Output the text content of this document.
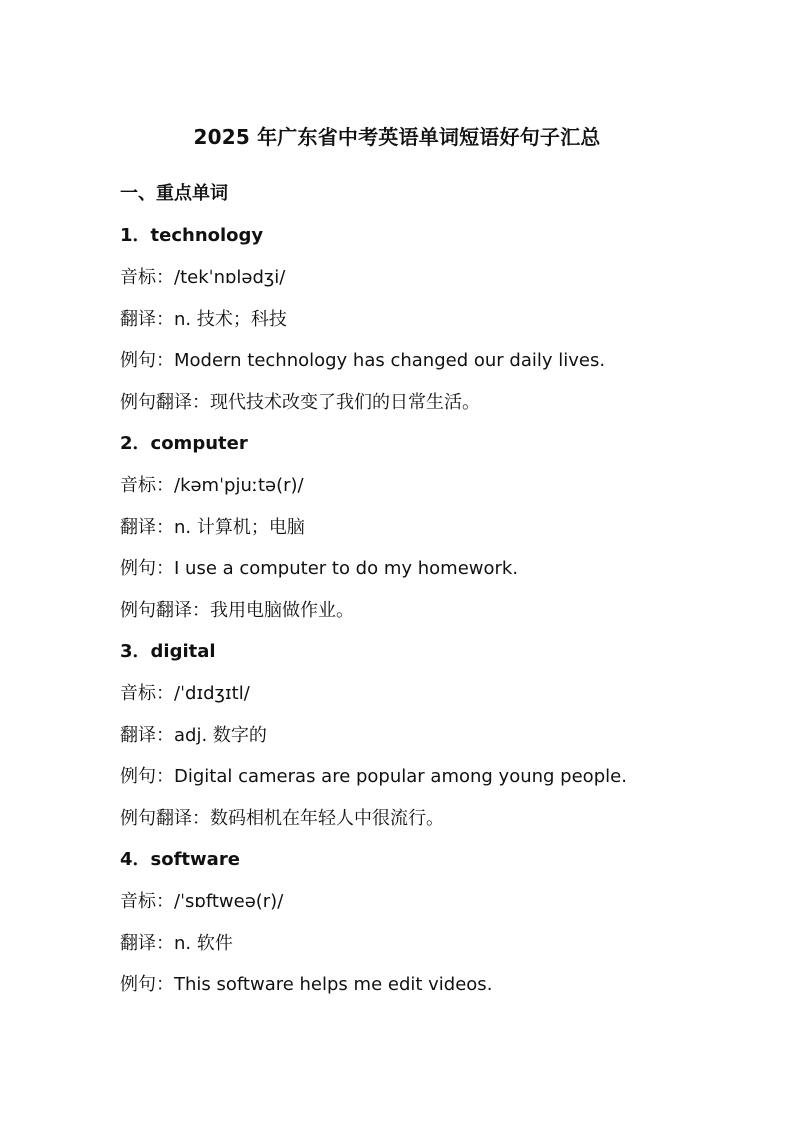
2025 年广东省中考英语单词短语好句子汇总
一、重点单词
1．technology
音标：/tekˈnɒlədʒi/
翻译：n. 技术；科技
例句：Modern technology has changed our daily lives.
例句翻译：现代技术改变了我们的日常生活。
2．computer
音标：/kəmˈpjuːtə(r)/
翻译：n. 计算机；电脑
例句：I use a computer to do my homework.
例句翻译：我用电脑做作业。
3．digital
音标：/ˈdɪdʒɪtl/
翻译：adj. 数字的
例句：Digital cameras are popular among young people.
例句翻译：数码相机在年轻人中很流行。
4．software
音标：/ˈsɒftweə(r)/
翻译：n. 软件
例句：This software helps me edit videos.
